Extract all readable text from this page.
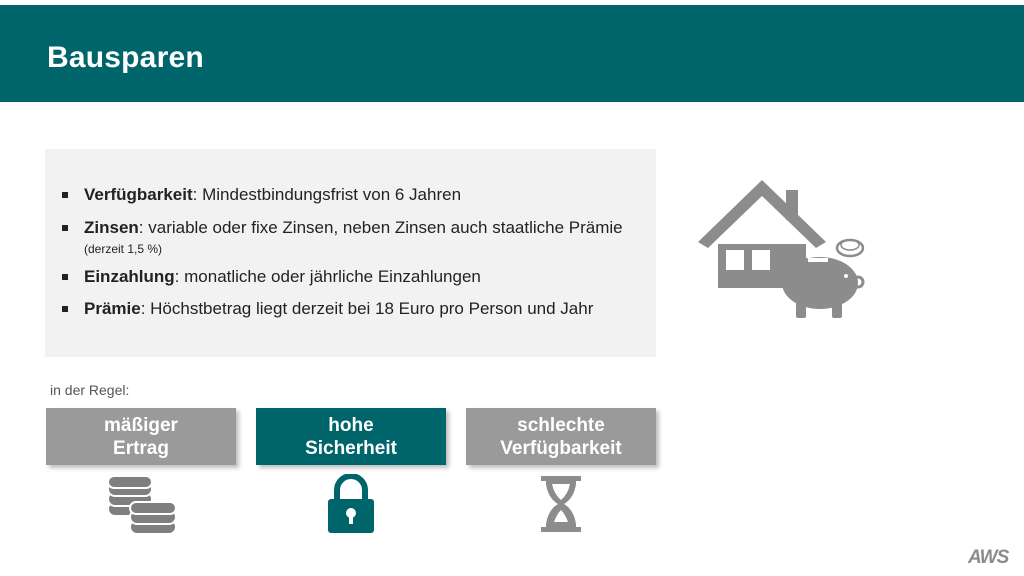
Bausparen
Verfügbarkeit: Mindestbindungsfrist von 6 Jahren
Zinsen: variable oder fixe Zinsen, neben Zinsen auch staatliche Prämie
(derzeit 1,5 %)
Einzahlung: monatliche oder jährliche Einzahlungen
Prämie: Höchstbetrag liegt derzeit bei 18 Euro pro Person und Jahr
in der Regel:
mäßiger
Ertrag
hohe
Sicherheit
schlechte
Verfügbarkeit
AWS
